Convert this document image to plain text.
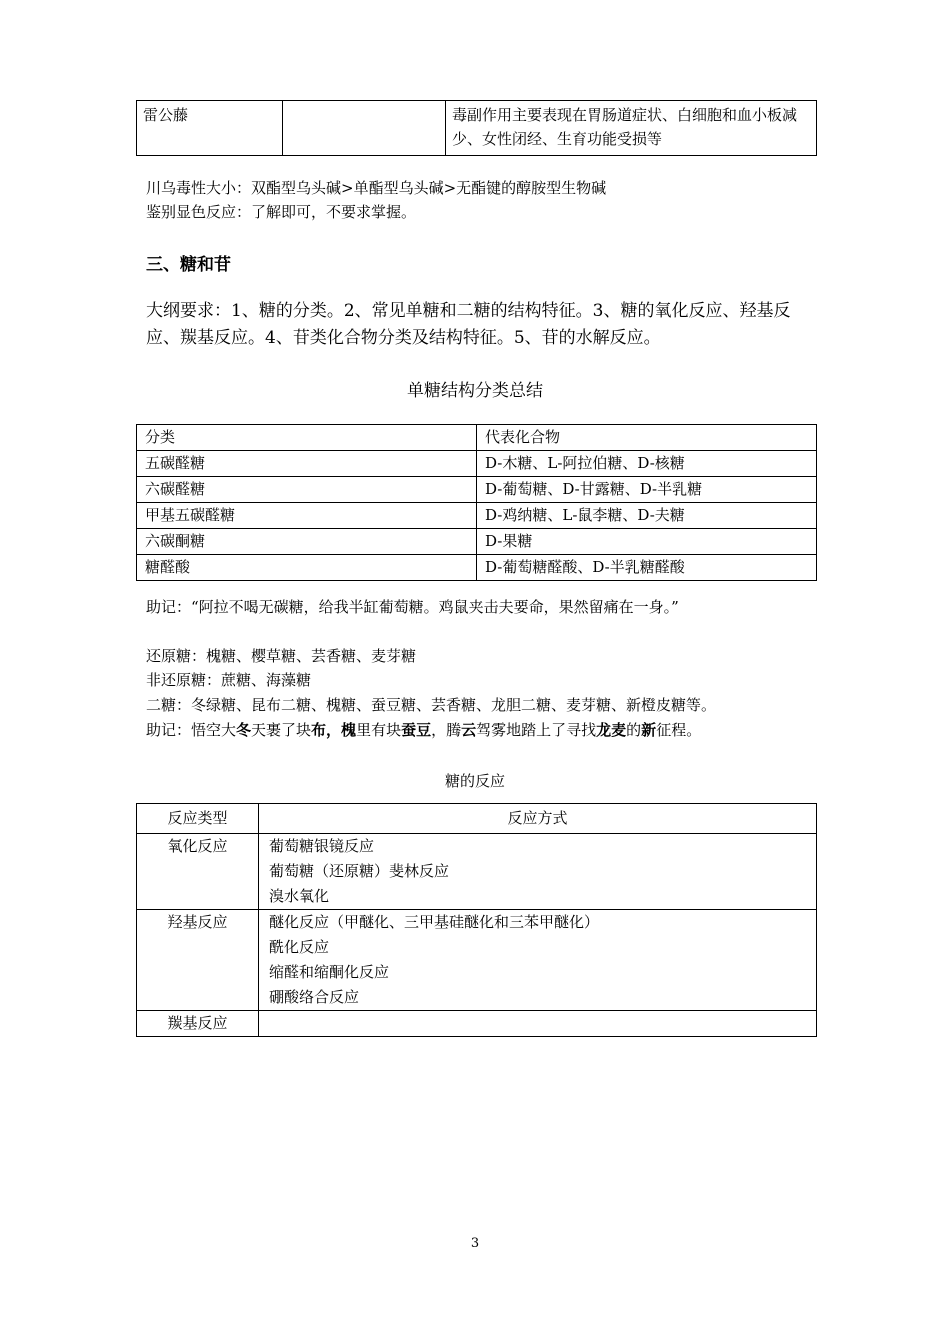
雷公藤		毒副作用主要表现在胃肠道症状、白细胞和血小板减少、女性闭经、生育功能受损等
川乌毒性大小：双酯型乌头碱>单酯型乌头碱>无酯键的醇胺型生物碱
鉴别显色反应：了解即可，不要求掌握。
三、糖和苷
大纲要求：1、糖的分类。2、常见单糖和二糖的结构特征。3、糖的氧化反应、羟基反应、羰基反应。4、苷类化合物分类及结构特征。5、苷的水解反应。
单糖结构分类总结
分类	代表化合物
五碳醛糖	D-木糖、L-阿拉伯糖、D-核糖
六碳醛糖	D-葡萄糖、D-甘露糖、D-半乳糖
甲基五碳醛糖	D-鸡纳糖、L-鼠李糖、D-夫糖
六碳酮糖	D-果糖
糖醛酸	D-葡萄糖醛酸、D-半乳糖醛酸
助记：“阿拉不喝无碳糖，给我半缸葡萄糖。鸡鼠夹击夫要命，果然留痛在一身。”
还原糖：槐糖、樱草糖、芸香糖、麦芽糖
非还原糖：蔗糖、海藻糖
二糖：冬绿糖、昆布二糖、槐糖、蚕豆糖、芸香糖、龙胆二糖、麦芽糖、新橙皮糖等。
助记：悟空大冬天裹了块布，槐里有块蚕豆，腾云驾雾地踏上了寻找龙麦的新征程。
糖的反应
反应类型	反应方式
氧化反应	葡萄糖银镜反应
葡萄糖（还原糖）斐林反应
溴水氧化

羟基反应	醚化反应（甲醚化、三甲基硅醚化和三苯甲醚化）
酰化反应
缩醛和缩酮化反应
硼酸络合反应

羰基反应	
3
